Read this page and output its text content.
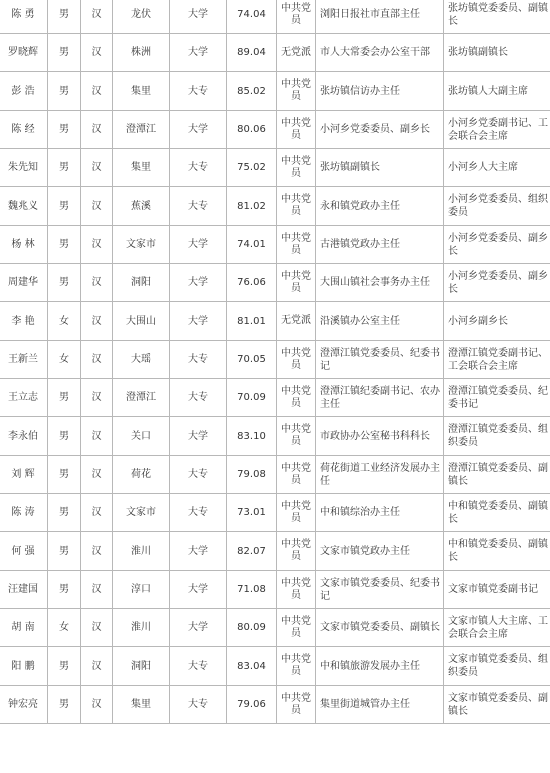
陈 勇	男	汉	龙伏	大学	74.04	中共党员	浏阳日报社市直部主任	张坊镇党委委员、副镇长
罗晓辉	男	汉	株洲	大学	89.04	无党派	市人大常委会办公室干部	张坊镇副镇长
彭 浩	男	汉	集里	大专	85.02	中共党员	张坊镇信访办主任	张坊镇人大副主席
陈 经	男	汉	澄潭江	大学	80.06	中共党员	小河乡党委委员、副乡长	小河乡党委副书记、工会联合会主席
朱先知	男	汉	集里	大专	75.02	中共党员	张坊镇副镇长	小河乡人大主席
魏兆义	男	汉	蕉溪	大专	81.02	中共党员	永和镇党政办主任	小河乡党委委员、组织委员
杨 林	男	汉	文家市	大学	74.01	中共党员	古港镇党政办主任	小河乡党委委员、副乡长
周建华	男	汉	洞阳	大学	76.06	中共党员	大围山镇社会事务办主任	小河乡党委委员、副乡长
李 艳	女	汉	大围山	大学	81.01	无党派	沿溪镇办公室主任	小河乡副乡长
王新兰	女	汉	大瑶	大专	70.05	中共党员	澄潭江镇党委委员、纪委书记	澄潭江镇党委副书记、工会联合会主席
王立志	男	汉	澄潭江	大专	70.09	中共党员	澄潭江镇纪委副书记、农办主任	澄潭江镇党委委员、纪委书记
李永伯	男	汉	关口	大学	83.10	中共党员	市政协办公室秘书科科长	澄潭江镇党委委员、组织委员
刘 辉	男	汉	荷花	大专	79.08	中共党员	荷花街道工业经济发展办主任	澄潭江镇党委委员、副镇长
陈 涛	男	汉	文家市	大专	73.01	中共党员	中和镇综治办主任	中和镇党委委员、副镇长
何 强	男	汉	淮川	大学	82.07	中共党员	文家市镇党政办主任	中和镇党委委员、副镇长
汪建国	男	汉	淳口	大学	71.08	中共党员	文家市镇党委委员、纪委书记	文家市镇党委副书记
胡 南	女	汉	淮川	大学	80.09	中共党员	文家市镇党委委员、副镇长	文家市镇人大主席、工会联合会主席
阳 鹏	男	汉	洞阳	大专	83.04	中共党员	中和镇旅游发展办主任	文家市镇党委委员、组织委员
钟宏亮	男	汉	集里	大专	79.06	中共党员	集里街道城管办主任	文家市镇党委委员、副镇长
